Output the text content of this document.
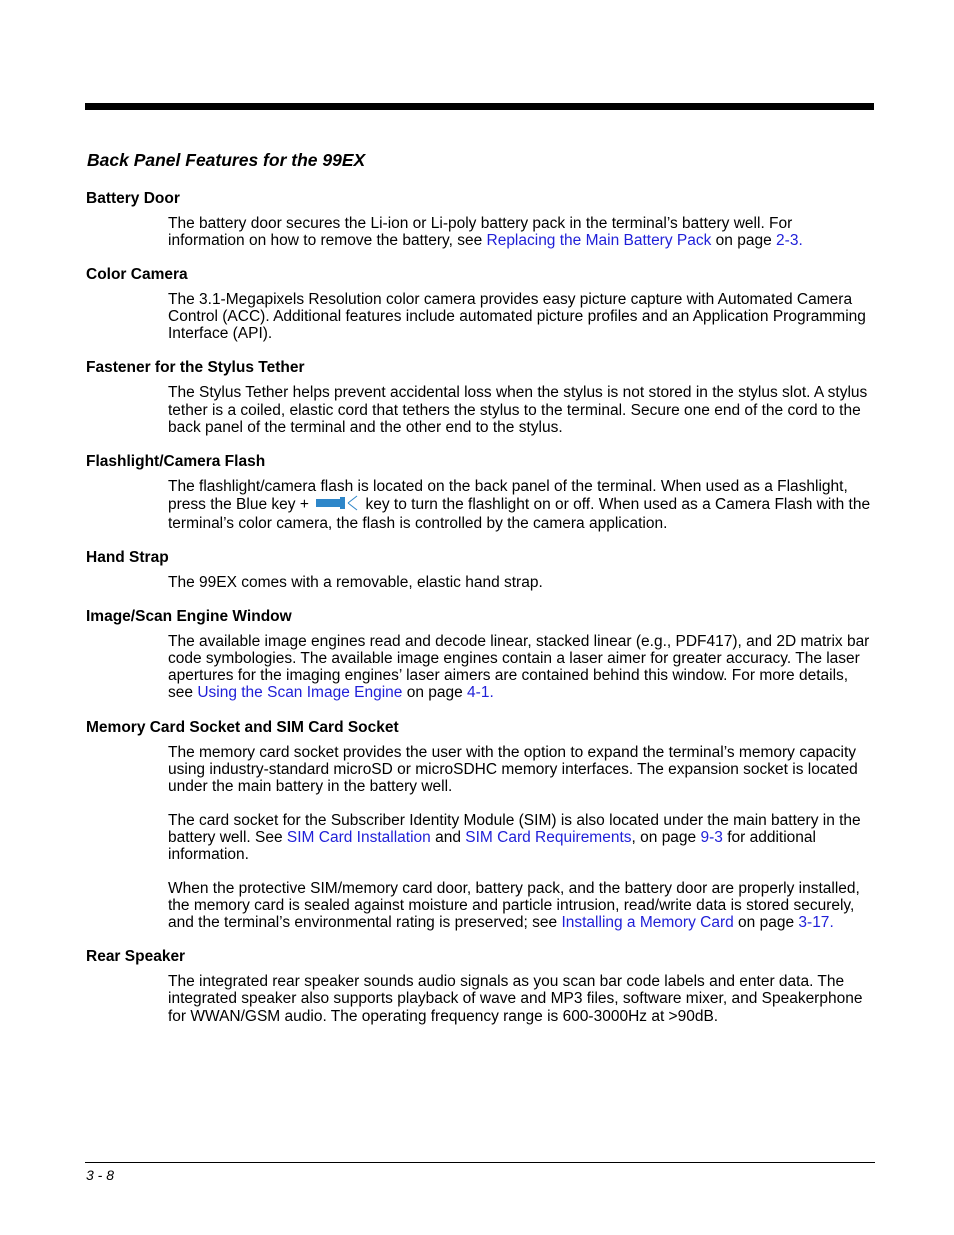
Back Panel Features for the 99EX
Battery Door

The battery door secures the Li-ion or Li-poly battery pack in the terminal’s battery well. For information on how to remove the battery, see Replacing the Main Battery Pack on page 2-3.

Color Camera

The 3.1-Megapixels Resolution color camera provides easy picture capture with Automated Camera Control (ACC). Additional features include automated picture profiles and an Application Programming Interface (API).

Fastener for the Stylus Tether

The Stylus Tether helps prevent accidental loss when the stylus is not stored in the stylus slot. A stylus tether is a coiled, elastic cord that tethers the stylus to the terminal. Secure one end of the cord to the back panel of the terminal and the other end to the stylus.

Flashlight/Camera Flash

The flashlight/camera flash is located on the back panel of the terminal. When used as a Flashlight, press the Blue key +	key to turn the flashlight on or off. When used as a Camera Flash with the terminal’s color camera, the flash is controlled by the camera application.

Hand Strap

The 99EX comes with a removable, elastic hand strap.

Image/Scan Engine Window

The available image engines read and decode linear, stacked linear (e.g., PDF417), and 2D matrix bar code symbologies. The available image engines contain a laser aimer for greater accuracy. The laser apertures for the imaging engines’ laser aimers are contained behind this window. For more details, see Using the Scan Image Engine on page 4-1.

Memory Card Socket and SIM Card Socket

The memory card socket provides the user with the option to expand the terminal’s memory capacity using industry-standard microSD or microSDHC memory interfaces. The expansion socket is located under the main battery in the battery well.

The card socket for the Subscriber Identity Module (SIM) is also located under the main battery in the battery well. See SIM Card Installation and SIM Card Requirements, on page 9-3 for additional information.

When the protective SIM/memory card door, battery pack, and the battery door are properly installed, the memory card is sealed against moisture and particle intrusion, read/write data is stored securely, and the terminal’s environmental rating is preserved; see Installing a Memory Card on page 3-17.

Rear Speaker

The integrated rear speaker sounds audio signals as you scan bar code labels and enter data. The integrated speaker also supports playback of wave and MP3 files, software mixer, and Speakerphone for WWAN/GSM audio. The operating frequency range is 600-3000Hz at >90dB.

3 - 8
